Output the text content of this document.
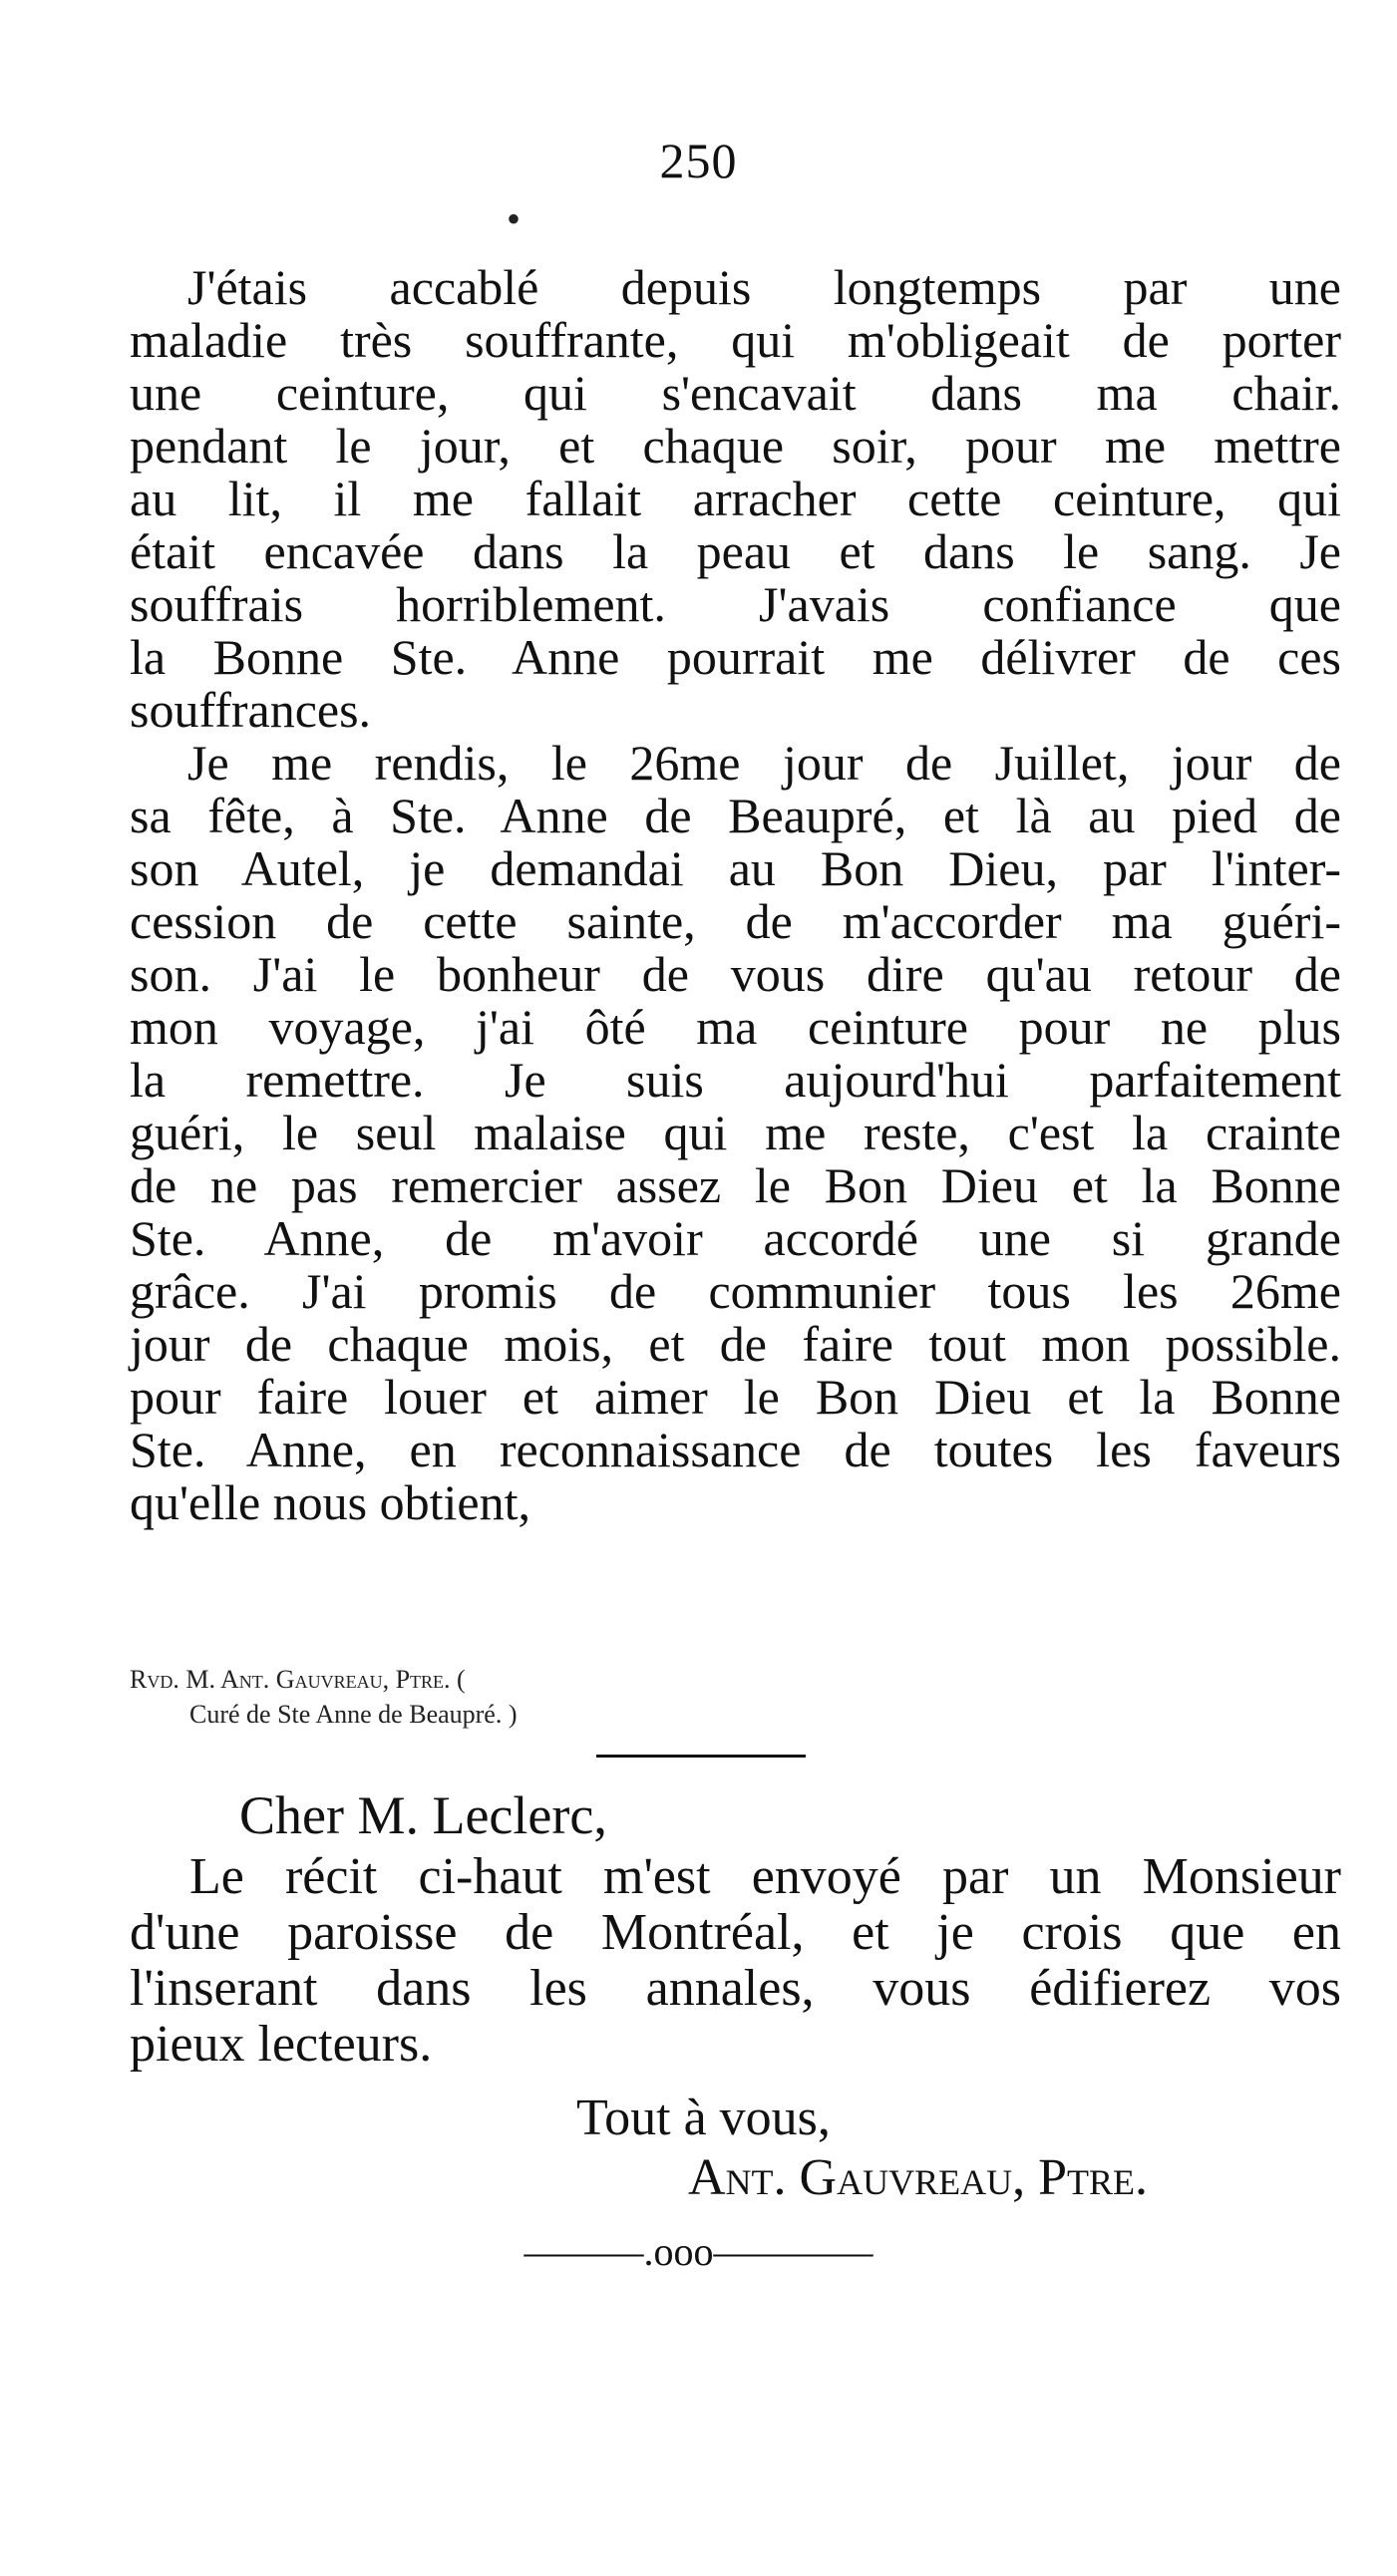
250
•
J'étais accablé depuis longtemps par une
maladie très souffrante, qui m'obligeait de porter
une ceinture, qui s'encavait dans ma chair.
pendant le jour, et chaque soir, pour me mettre
au lit, il me fallait arracher cette ceinture, qui
était encavée dans la peau et dans le sang. Je
souffrais horriblement. J'avais confiance que
la Bonne Ste. Anne pourrait me délivrer de ces
souffrances.
Je me rendis, le 26me jour de Juillet, jour de
sa fête, à Ste. Anne de Beaupré, et là au pied de
son Autel, je demandai au Bon Dieu, par l'inter-
cession de cette sainte, de m'accorder ma guéri-
son. J'ai le bonheur de vous dire qu'au retour de
mon voyage, j'ai ôté ma ceinture pour ne plus
la remettre. Je suis aujourd'hui parfaitement
guéri, le seul malaise qui me reste, c'est la crainte
de ne pas remercier assez le Bon Dieu et la Bonne
Ste. Anne, de m'avoir accordé une si grande
grâce. J'ai promis de communier tous les 26me
jour de chaque mois, et de faire tout mon possible.
pour faire louer et aimer le Bon Dieu et la Bonne
Ste. Anne, en reconnaissance de toutes les faveurs
qu'elle nous obtient,
Rvd. M. Ant. Gauvreau, Ptre. (
Curé de Ste Anne de Beaupré. )
Cher M. Leclerc,
Le récit ci-haut m'est envoyé par un Monsieur
d'une paroisse de Montréal, et je crois que en
l'inserant dans les annales, vous édifierez vos
pieux lecteurs.
Tout à vous,
Ant. Gauvreau, Ptre.
———.ooo————
